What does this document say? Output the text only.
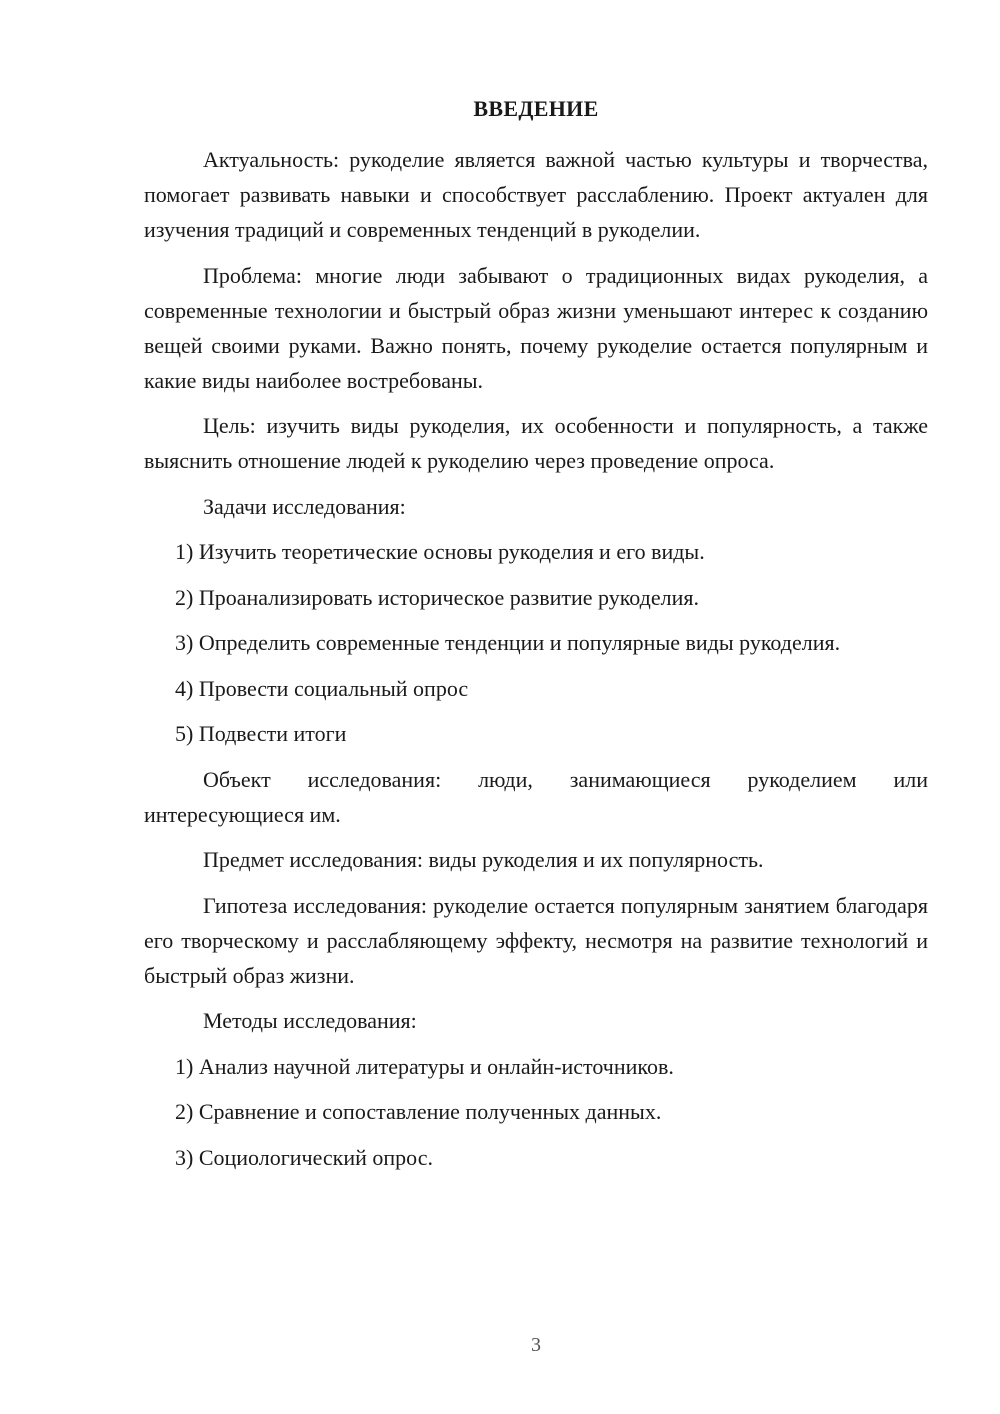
ВВЕДЕНИЕ

Актуальность: рукоделие является важной частью культуры и творчества, помогает развивать навыки и способствует расслаблению. Проект актуален для изучения традиций и современных тенденций в рукоделии.

Проблема: многие люди забывают о традиционных видах рукоделия, а современные технологии и быстрый образ жизни уменьшают интерес к созданию вещей своими руками. Важно понять, почему рукоделие остается популярным и какие виды наиболее востребованы.

Цель: изучить виды рукоделия, их особенности и популярность, а также выяснить отношение людей к рукоделию через проведение опроса.

Задачи исследования:

1) Изучить теоретические основы рукоделия и его виды.

2) Проанализировать историческое развитие рукоделия.

3) Определить современные тенденции и популярные виды рукоделия.

4) Провести социальный опрос

5) Подвести итоги

Объект исследования: люди, занимающиеся рукоделием или интересующиеся им.

Предмет исследования: виды рукоделия и их популярность.

Гипотеза исследования: рукоделие остается популярным занятием благодаря его творческому и расслабляющему эффекту, несмотря на развитие технологий и быстрый образ жизни.

Методы исследования:

1) Анализ научной литературы и онлайн-источников.

2) Сравнение и сопоставление полученных данных.

3) Социологический опрос.

3
